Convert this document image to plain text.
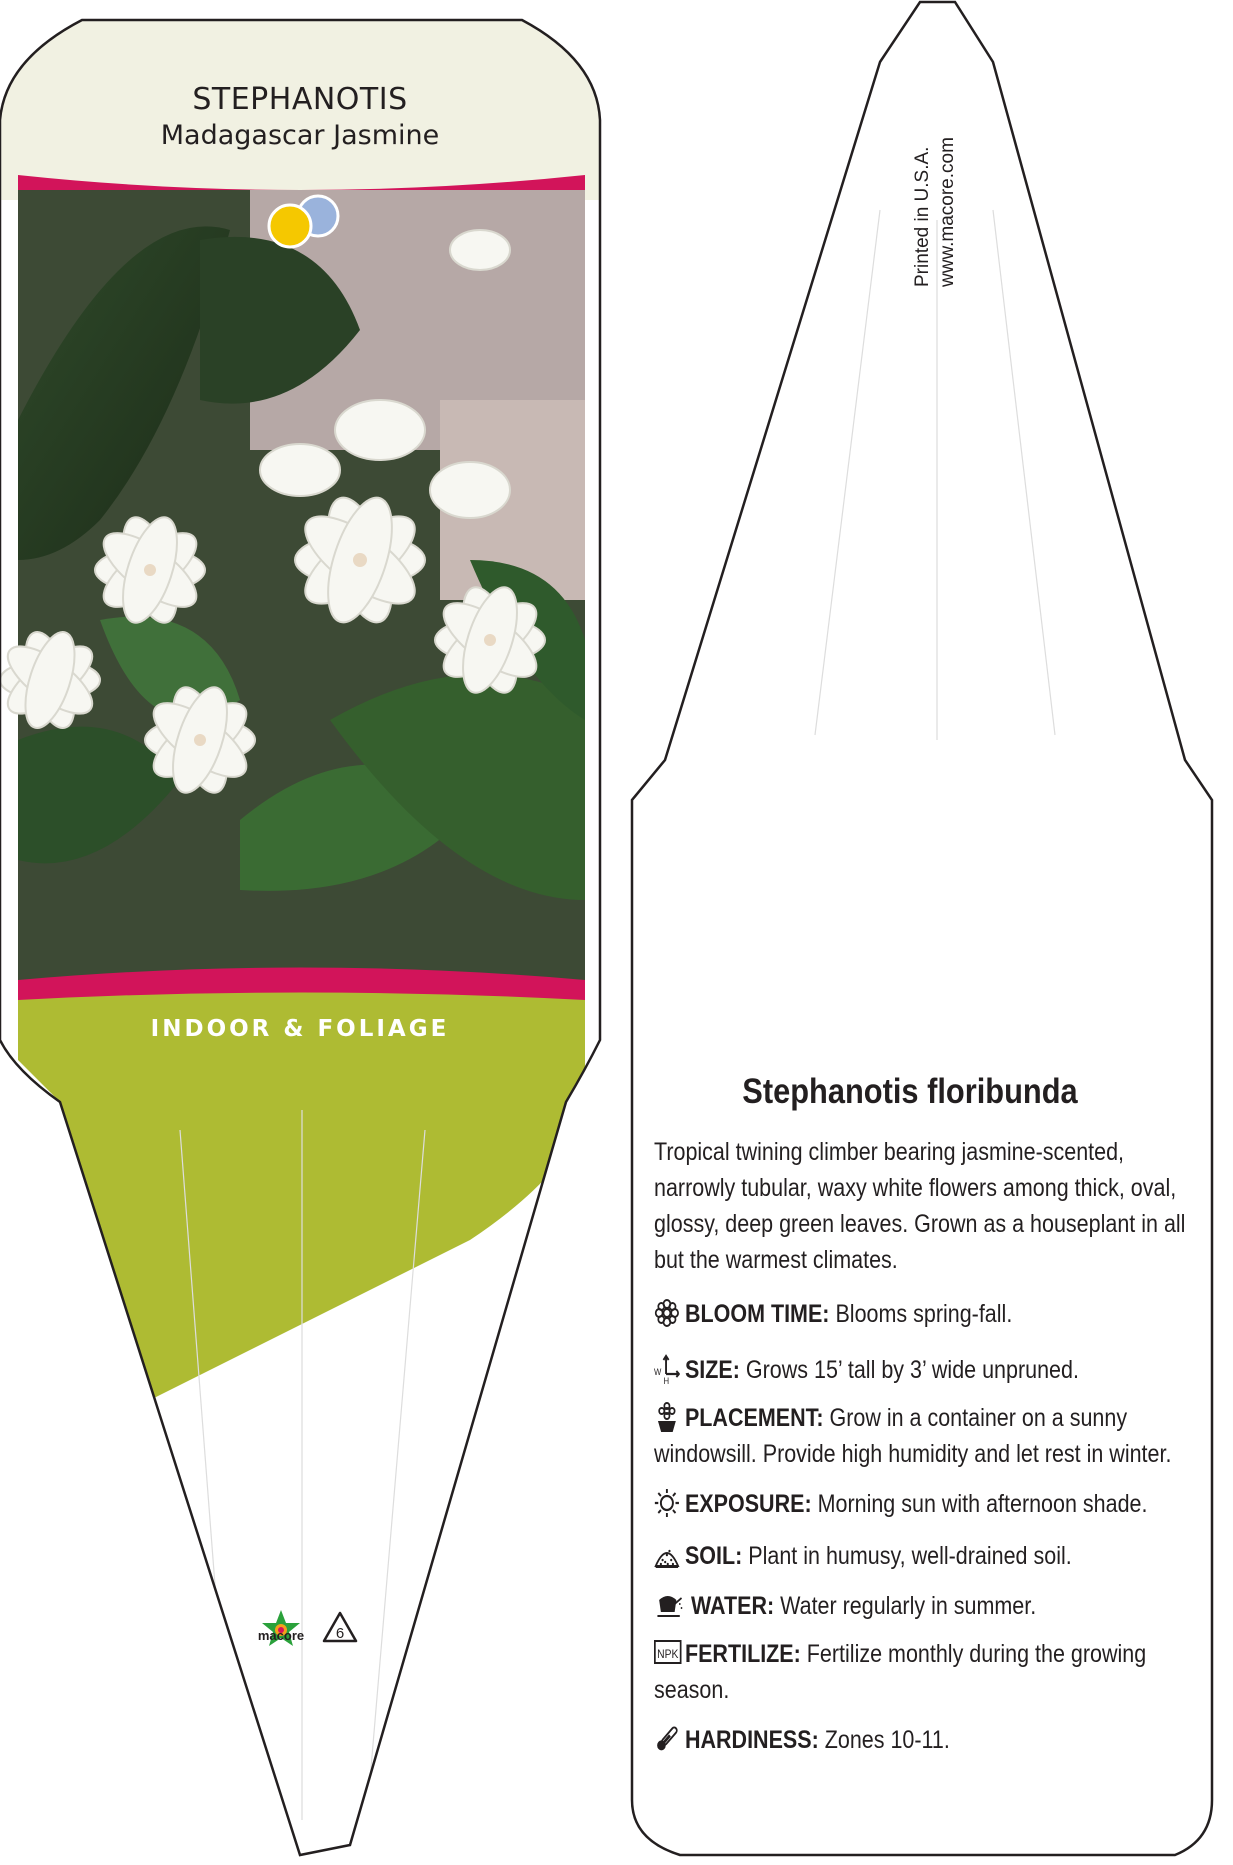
STEPHANOTIS
Madagascar Jasmine
INDOOR & FOLIAGE
macore 6
Printed in U.S.A. www.macore.com
Stephanotis floribunda
Tropical twining climber bearing jasmine-scented,
narrowly tubular, waxy white flowers among thick, oval,
glossy, deep green leaves. Grown as a houseplant in all
but the warmest climates.
BLOOM TIME: Blooms spring-fall.
W
H SIZE: Grows 15’ tall by 3’ wide unpruned.
PLACEMENT: Grow in a container on a sunny
windowsill. Provide high humidity and let rest in winter.
EXPOSURE: Morning sun with afternoon shade.
SOIL: Plant in humusy, well-drained soil.
WATER: Water regularly in summer.
NPK FERTILIZE: Fertilize monthly during the growing
season.
HARDINESS: Zones 10-11.
